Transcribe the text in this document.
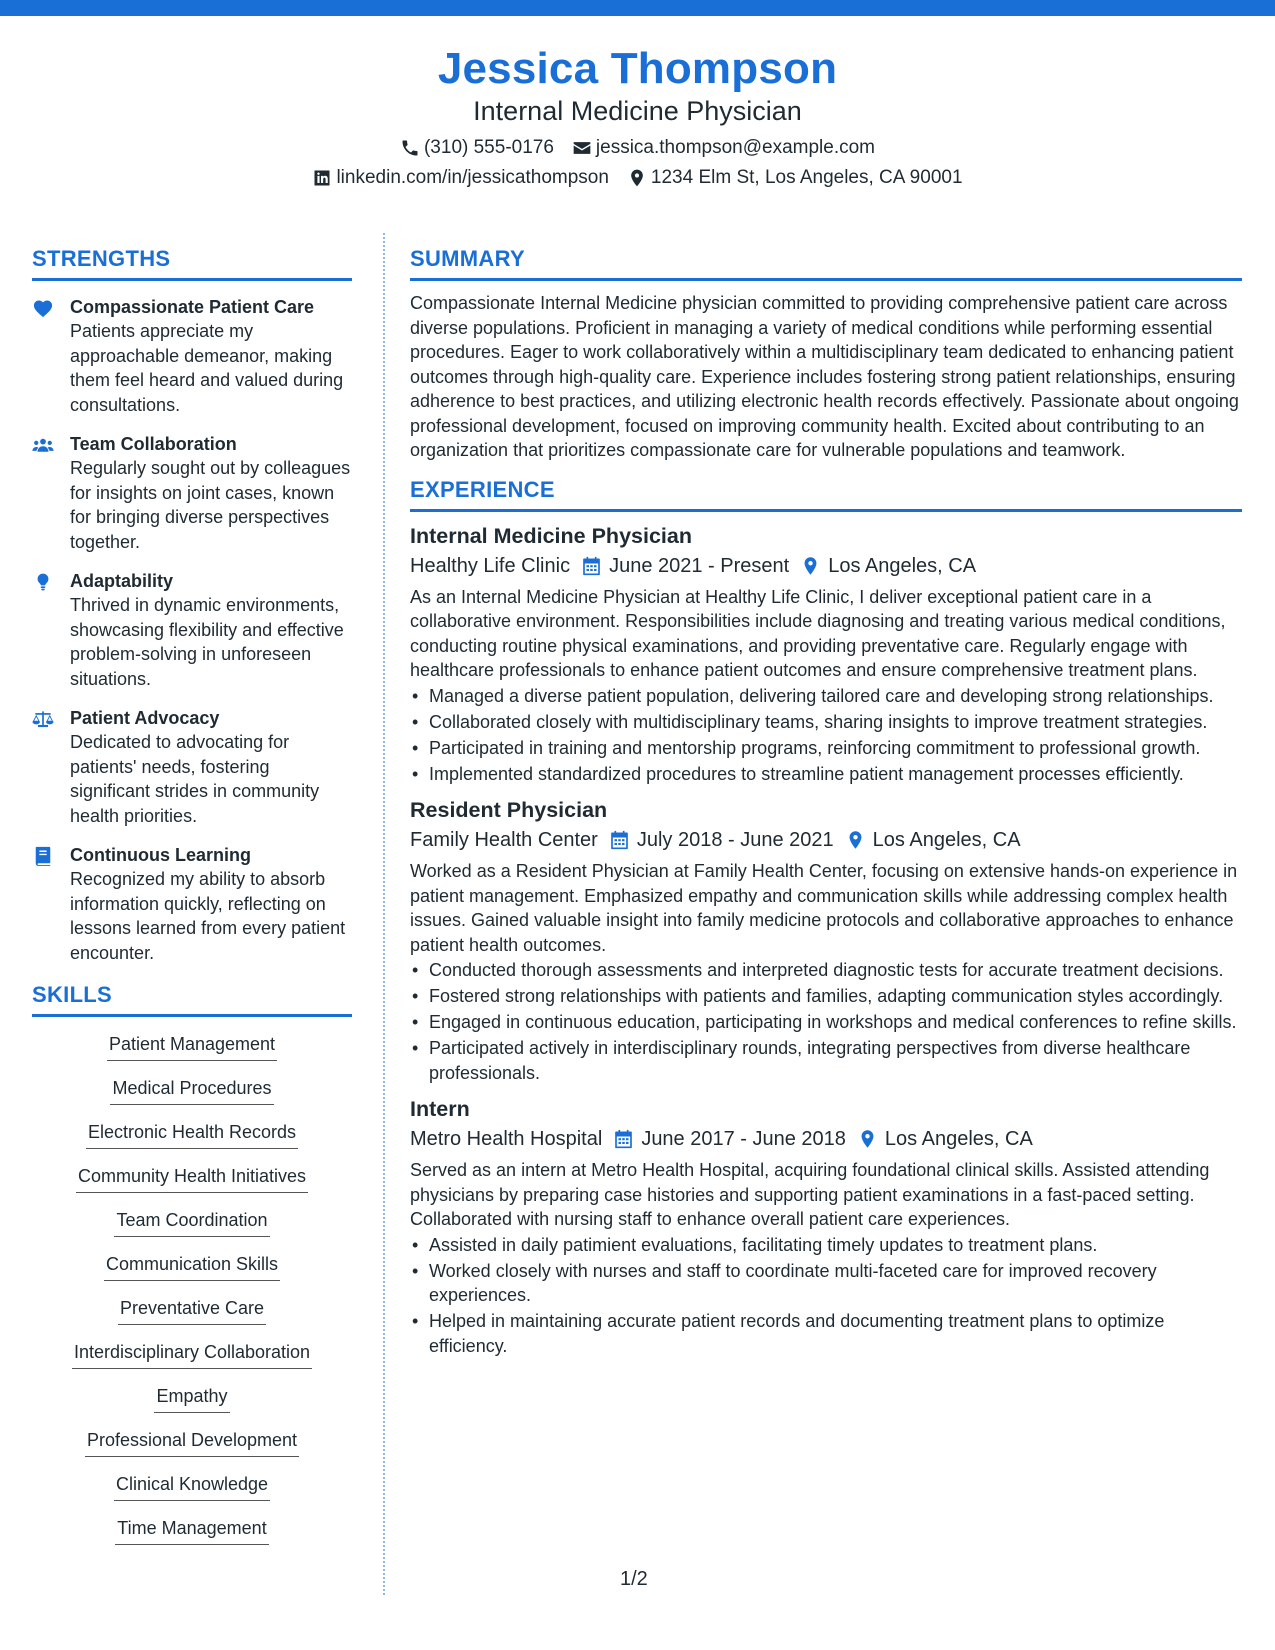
Jessica Thompson
Internal Medicine Physician
(310) 555-0176 jessica.thompson@example.com
linkedin.com/in/jessicathompson 1234 Elm St, Los Angeles, CA 90001
STRENGTHS
Compassionate Patient Care
Patients appreciate my approachable demeanor, making them feel heard and valued during consultations.
Team Collaboration
Regularly sought out by colleagues for insights on joint cases, known for bringing diverse perspectives together.
Adaptability
Thrived in dynamic environments, showcasing flexibility and effective problem-solving in unforeseen situations.
Patient Advocacy
Dedicated to advocating for patients' needs, fostering significant strides in community health priorities.
Continuous Learning
Recognized my ability to absorb information quickly, reflecting on lessons learned from every patient encounter.
SKILLS
Patient Management
Medical Procedures
Electronic Health Records
Community Health Initiatives
Team Coordination
Communication Skills
Preventative Care
Interdisciplinary Collaboration
Empathy
Professional Development
Clinical Knowledge
Time Management
SUMMARY
Compassionate Internal Medicine physician committed to providing comprehensive patient care across diverse populations. Proficient in managing a variety of medical conditions while performing essential procedures. Eager to work collaboratively within a multidisciplinary team dedicated to enhancing patient outcomes through high-quality care. Experience includes fostering strong patient relationships, ensuring adherence to best practices, and utilizing electronic health records effectively. Passionate about ongoing professional development, focused on improving community health. Excited about contributing to an organization that prioritizes compassionate care for vulnerable populations and teamwork.
EXPERIENCE
Internal Medicine Physician
Healthy Life Clinic June 2021 - Present Los Angeles, CA
As an Internal Medicine Physician at Healthy Life Clinic, I deliver exceptional patient care in a collaborative environment. Responsibilities include diagnosing and treating various medical conditions, conducting routine physical examinations, and providing preventative care. Regularly engage with healthcare professionals to enhance patient outcomes and ensure comprehensive treatment plans.
• Managed a diverse patient population, delivering tailored care and developing strong relationships.
• Collaborated closely with multidisciplinary teams, sharing insights to improve treatment strategies.
• Participated in training and mentorship programs, reinforcing commitment to professional growth.
• Implemented standardized procedures to streamline patient management processes efficiently.
Resident Physician
Family Health Center July 2018 - June 2021 Los Angeles, CA
Worked as a Resident Physician at Family Health Center, focusing on extensive hands-on experience in patient management. Emphasized empathy and communication skills while addressing complex health issues. Gained valuable insight into family medicine protocols and collaborative approaches to enhance patient health outcomes.
• Conducted thorough assessments and interpreted diagnostic tests for accurate treatment decisions.
• Fostered strong relationships with patients and families, adapting communication styles accordingly.
• Engaged in continuous education, participating in workshops and medical conferences to refine skills.
• Participated actively in interdisciplinary rounds, integrating perspectives from diverse healthcare professionals.
Intern
Metro Health Hospital June 2017 - June 2018 Los Angeles, CA
Served as an intern at Metro Health Hospital, acquiring foundational clinical skills. Assisted attending physicians by preparing case histories and supporting patient examinations in a fast-paced setting. Collaborated with nursing staff to enhance overall patient care experiences.
• Assisted in daily patimient evaluations, facilitating timely updates to treatment plans.
• Worked closely with nurses and staff to coordinate multi-faceted care for improved recovery experiences.
• Helped in maintaining accurate patient records and documenting treatment plans to optimize efficiency.
1/2
